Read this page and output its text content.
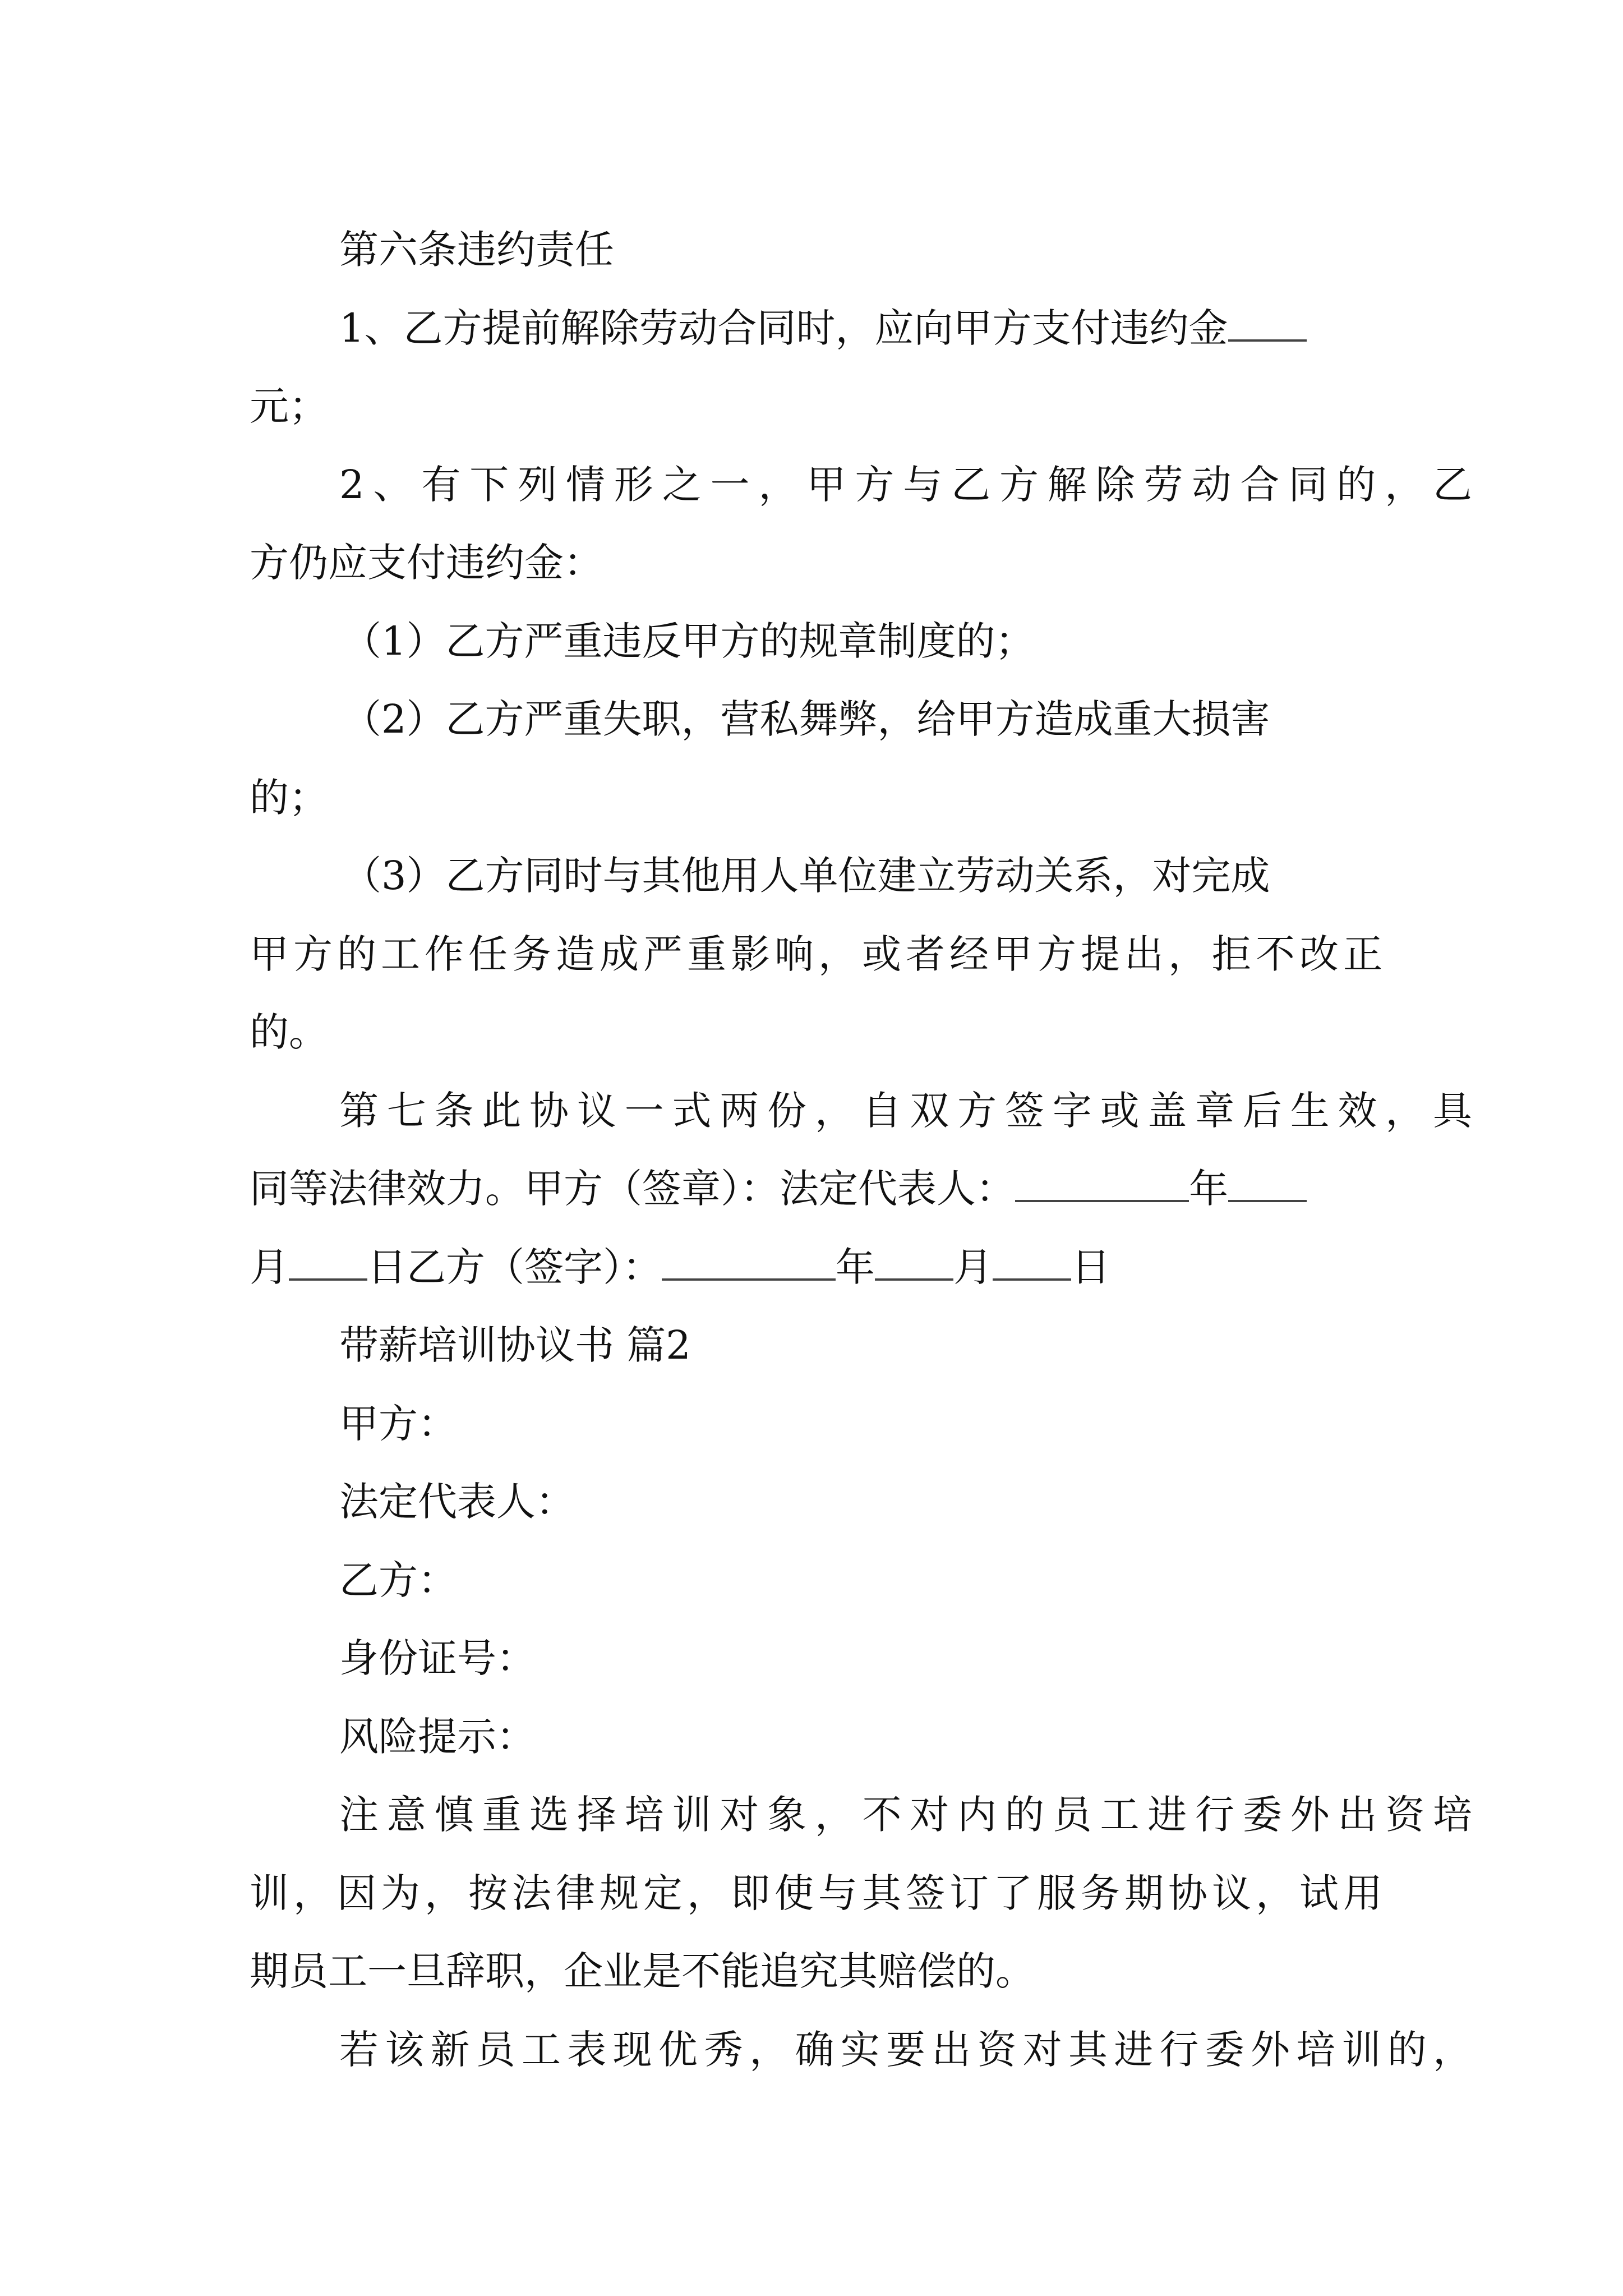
第六条违约责任
1、乙方提前解除劳动合同时，应向甲方支付违约金
元；
2、有下列情形之一，甲方与乙方解除劳动合同的，乙
方仍应支付违约金：
（1）乙方严重违反甲方的规章制度的；
（2）乙方严重失职，营私舞弊，给甲方造成重大损害
的；
（3）乙方同时与其他用人单位建立劳动关系，对完成
甲方的工作任务造成严重影响，或者经甲方提出，拒不改正
的。
第七条此协议一式两份，自双方签字或盖章后生效，具
同等法律效力。甲方（签章）：法定代表人：	年
月 日乙方（签字）：	年 月 日
带薪培训协议书 篇2
甲方：
法定代表人：
乙方：
身份证号：
风险提示：
注意慎重选择培训对象，不对内的员工进行委外出资培
训，因为，按法律规定，即使与其签订了服务期协议，试用
期员工一旦辞职，企业是不能追究其赔偿的。
若该新员工表现优秀，确实要出资对其进行委外培训的，
